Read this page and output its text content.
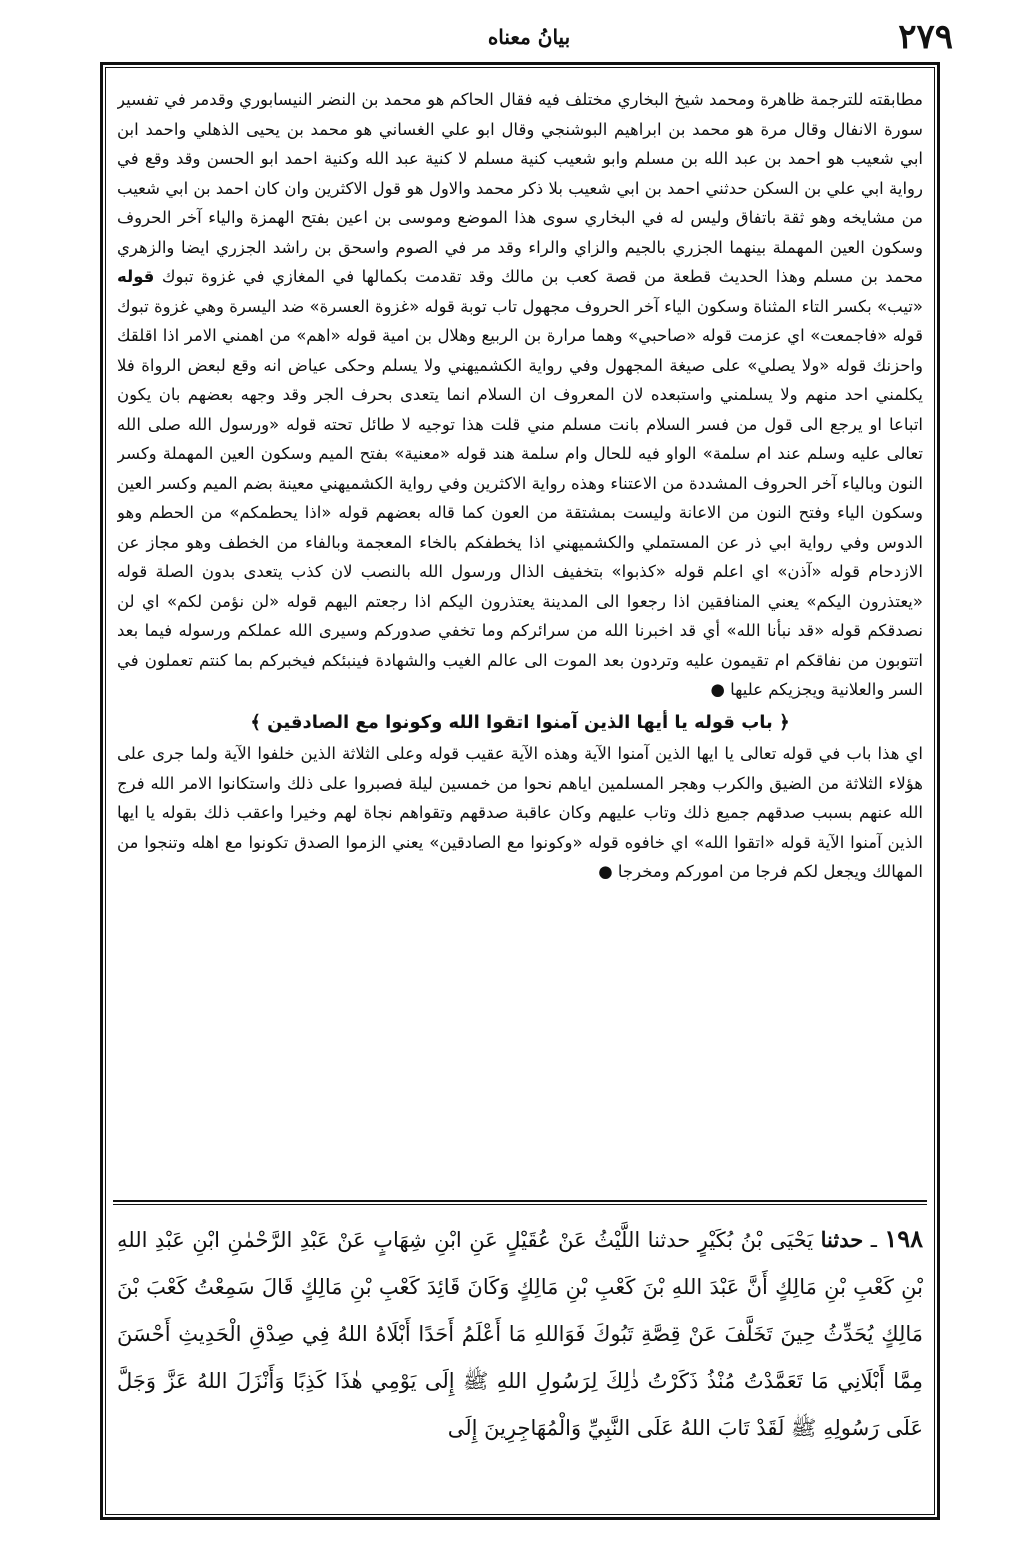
٢٧٩
بيانُ معناه

مطابقته للترجمة ظاهرة ومحمد شيخ البخاري مختلف فيه فقال الحاكم هو محمد بن النضر النيسابوري وقدمر في تفسير سورة الانفال وقال مرة هو محمد بن ابراهيم البوشنجي وقال ابو علي الغساني هو محمد بن يحيى الذهلي واحمد ابن ابي شعيب هو احمد بن عبد الله بن مسلم وابو شعيب كنية مسلم لا كنية عبد الله وكنية احمد ابو الحسن وقد وقع في رواية ابي علي بن السكن حدثني احمد بن ابي شعيب بلا ذكر محمد والاول هو قول الاكثرين وان كان احمد بن ابي شعيب من مشايخه وهو ثقة باتفاق وليس له في البخاري سوى هذا الموضع وموسى بن اعين بفتح الهمزة والياء آخر الحروف وسكون العين المهملة بينهما الجزري بالجيم والزاي والراء وقد مر في الصوم واسحق بن راشد الجزري ايضا والزهري محمد بن مسلم وهذا الحديث قطعة من قصة كعب بن مالك وقد تقدمت بكمالها في المغازي في غزوة تبوك قوله «تيب» بكسر التاء المثناة وسكون الياء آخر الحروف مجهول تاب توبة قوله «غزوة العسرة» ضد اليسرة وهي غزوة تبوك قوله «فاجمعت» اي عزمت قوله «صاحبي» وهما مرارة بن الربيع وهلال بن امية قوله «اهم» من اهمني الامر اذا اقلقك واحزنك قوله «ولا يصلي» على صيغة المجهول وفي رواية الكشميهني ولا يسلم وحكى عياض انه وقع لبعض الرواة فلا يكلمني احد منهم ولا يسلمني واستبعده لان المعروف ان السلام انما يتعدى بحرف الجر وقد وجهه بعضهم بان يكون اتباعا او يرجع الى قول من فسر السلام بانت مسلم مني قلت هذا توجيه لا طائل تحته قوله «ورسول الله صلى الله تعالى عليه وسلم عند ام سلمة» الواو فيه للحال وام سلمة هند قوله «معنية» بفتح الميم وسكون العين المهملة وكسر النون وبالياء آخر الحروف المشددة من الاعتناء وهذه رواية الاكثرين وفي رواية الكشميهني معينة بضم الميم وكسر العين وسكون الياء وفتح النون من الاعانة وليست بمشتقة من العون كما قاله بعضهم قوله «اذا يحطمكم» من الحطم وهو الدوس وفي رواية ابي ذر عن المستملي والكشميهني اذا يخطفكم بالخاء المعجمة وبالفاء من الخطف وهو مجاز عن الازدحام قوله «آذن» اي اعلم قوله «كذبوا» بتخفيف الذال ورسول الله بالنصب لان كذب يتعدى بدون الصلة قوله «يعتذرون اليكم» يعني المنافقين اذا رجعوا الى المدينة يعتذرون اليكم اذا رجعتم اليهم قوله «لن نؤمن لكم» اي لن نصدقكم قوله «قد نبأنا الله» أي قد اخبرنا الله من سرائركم وما تخفي صدوركم وسيرى الله عملكم ورسوله فيما بعد اتتوبون من نفاقكم ام تقيمون عليه وتردون بعد الموت الى عالم الغيب والشهادة فينبئكم فيخبركم بما كنتم تعملون في السر والعلانية ويجزيكم عليها ●

﴿ باب قوله يا أيها الذين آمنوا اتقوا الله وكونوا مع الصادقين ﴾

اي هذا باب في قوله تعالى يا ايها الذين آمنوا الآية وهذه الآية عقيب قوله وعلى الثلاثة الذين خلفوا الآية ولما جرى على هؤلاء الثلاثة من الضيق والكرب وهجر المسلمين اياهم نحوا من خمسين ليلة فصبروا على ذلك واستكانوا الامر الله فرج الله عنهم بسبب صدقهم جميع ذلك وتاب عليهم وكان عاقبة صدقهم وتقواهم نجاة لهم وخيرا واعقب ذلك بقوله يا ايها الذين آمنوا الآية قوله «اتقوا الله» اي خافوه قوله «وكونوا مع الصادقين» يعني الزموا الصدق تكونوا مع اهله وتنجوا من المهالك ويجعل لكم فرجا من اموركم ومخرجا ●

١٩٨ ـ حدثنا يَحْيَى بْنُ بُكَيْرٍ حدثنا اللَّيْثُ عَنْ عُقَيْلٍ عَنِ ابْنِ شِهَابٍ عَنْ عَبْدِ الرَّحْمٰنِ ابْنِ عَبْدِ اللهِ بْنِ كَعْبِ بْنِ مَالِكٍ أَنَّ عَبْدَ اللهِ بْنَ كَعْبِ بْنِ مَالِكٍ وَكَانَ قَائِدَ كَعْبِ بْنِ مَالِكٍ قَالَ سَمِعْتُ كَعْبَ بْنَ مَالِكٍ يُحَدِّثُ حِينَ تَخَلَّفَ عَنْ قِصَّةِ تَبُوكَ فَوَاللهِ مَا أَعْلَمُ أَحَدًا أَبْلَاهُ اللهُ فِي صِدْقِ الْحَدِيثِ أَحْسَنَ مِمَّا أَبْلَانِي مَا تَعَمَّدْتُ مُنْذُ ذَكَرْتُ ذٰلِكَ لِرَسُولِ اللهِ ﷺ إِلَى يَوْمِي هٰذَا كَذِبًا وَأَنْزَلَ اللهُ عَزَّ وَجَلَّ عَلَى رَسُولِهِ ﷺ لَقَدْ تَابَ اللهُ عَلَى النَّبِيِّ وَالْمُهَاجِرِينَ إِلَى
